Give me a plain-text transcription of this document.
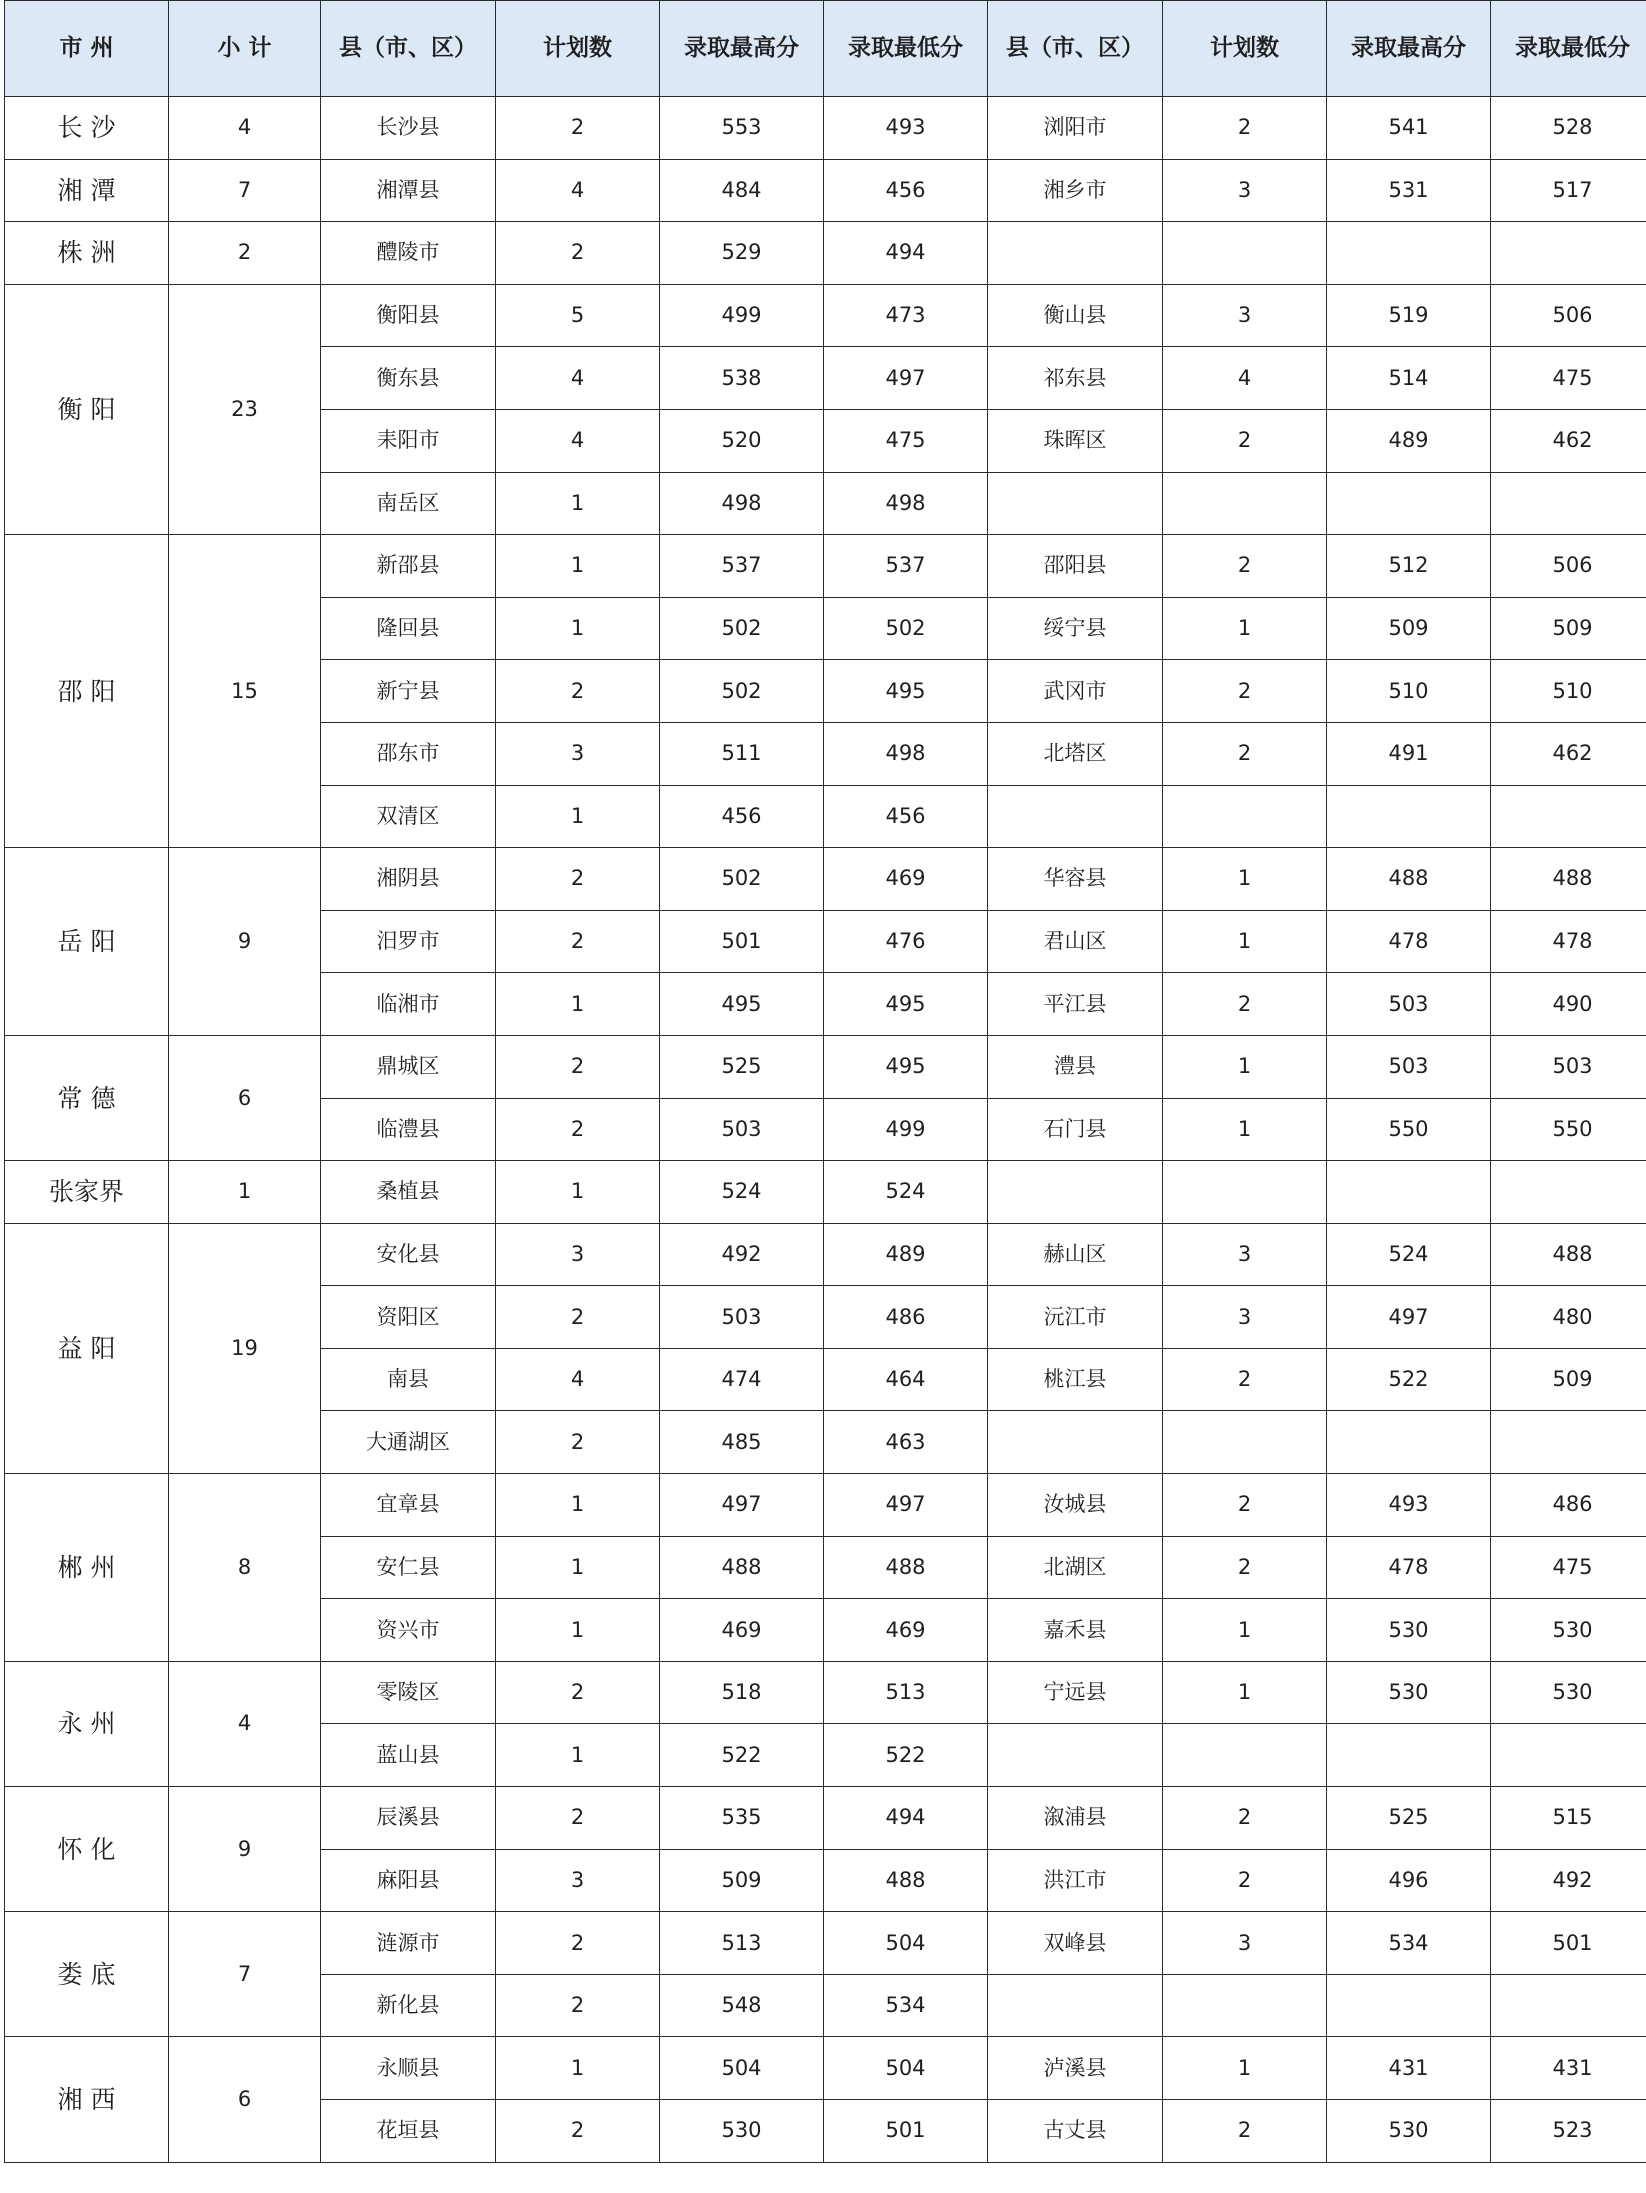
市 州	小 计	县（市、区）	计划数	录取最高分	录取最低分	县（市、区）	计划数	录取最高分	录取最低分
长 沙	4	长沙县	2	553	493	浏阳市	2	541	528
湘 潭	7	湘潭县	4	484	456	湘乡市	3	531	517
株 洲	2	醴陵市	2	529	494				
衡 阳	23	衡阳县	5	499	473	衡山县	3	519	506
		衡东县	4	538	497	祁东县	4	514	475
		耒阳市	4	520	475	珠晖区	2	489	462
		南岳区	1	498	498				
邵 阳	15	新邵县	1	537	537	邵阳县	2	512	506
		隆回县	1	502	502	绥宁县	1	509	509
		新宁县	2	502	495	武冈市	2	510	510
		邵东市	3	511	498	北塔区	2	491	462
		双清区	1	456	456				
岳 阳	9	湘阴县	2	502	469	华容县	1	488	488
		汨罗市	2	501	476	君山区	1	478	478
		临湘市	1	495	495	平江县	2	503	490
常 德	6	鼎城区	2	525	495	澧县	1	503	503
		临澧县	2	503	499	石门县	1	550	550
张家界	1	桑植县	1	524	524				
益 阳	19	安化县	3	492	489	赫山区	3	524	488
		资阳区	2	503	486	沅江市	3	497	480
		南县	4	474	464	桃江县	2	522	509
		大通湖区	2	485	463				
郴 州	8	宜章县	1	497	497	汝城县	2	493	486
		安仁县	1	488	488	北湖区	2	478	475
		资兴市	1	469	469	嘉禾县	1	530	530
永 州	4	零陵区	2	518	513	宁远县	1	530	530
		蓝山县	1	522	522				
怀 化	9	辰溪县	2	535	494	溆浦县	2	525	515
		麻阳县	3	509	488	洪江市	2	496	492
娄 底	7	涟源市	2	513	504	双峰县	3	534	501
		新化县	2	548	534				
湘 西	6	永顺县	1	504	504	泸溪县	1	431	431
		花垣县	2	530	501	古丈县	2	530	523
